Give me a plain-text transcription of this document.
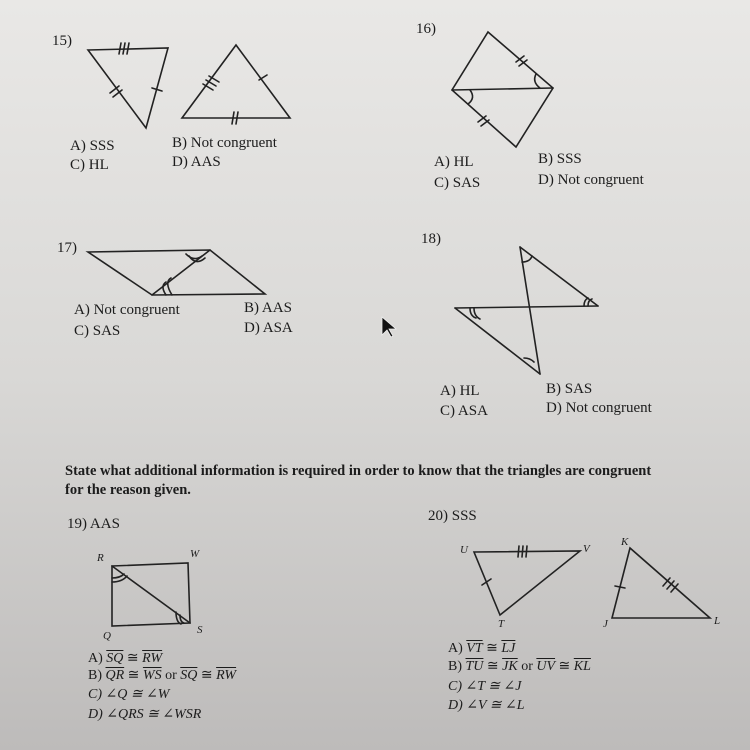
15)
A) SSS	B) Not congruent
C) HL	D) AAS
16)
A) HL	B) SSS
C) SAS	D) Not congruent
17)
A) Not congruent	B) AAS
C) SAS	D) ASA
18)
A) HL	B) SAS
C) ASA	D) Not congruent
State what additional information is required in order to know that the triangles are congruent
for the reason given.
19) AAS
R	W
Q	S
A) $\overline{SQ}$ ≅ $\overline{RW}$
B) $\overline{QR}$ ≅ $\overline{WS}$ or $\overline{SQ}$ ≅ $\overline{RW}$
C) ∠Q ≅ ∠W
D) ∠QRS ≅ ∠WSR
20) SSS
U	V
T
K
J	L
A) $\overline{VT}$ ≅ $\overline{LJ}$
B) $\overline{TU}$ ≅ $\overline{JK}$ or $\overline{UV}$ ≅ $\overline{KL}$
C) ∠T ≅ ∠J
D) ∠V ≅ ∠L
